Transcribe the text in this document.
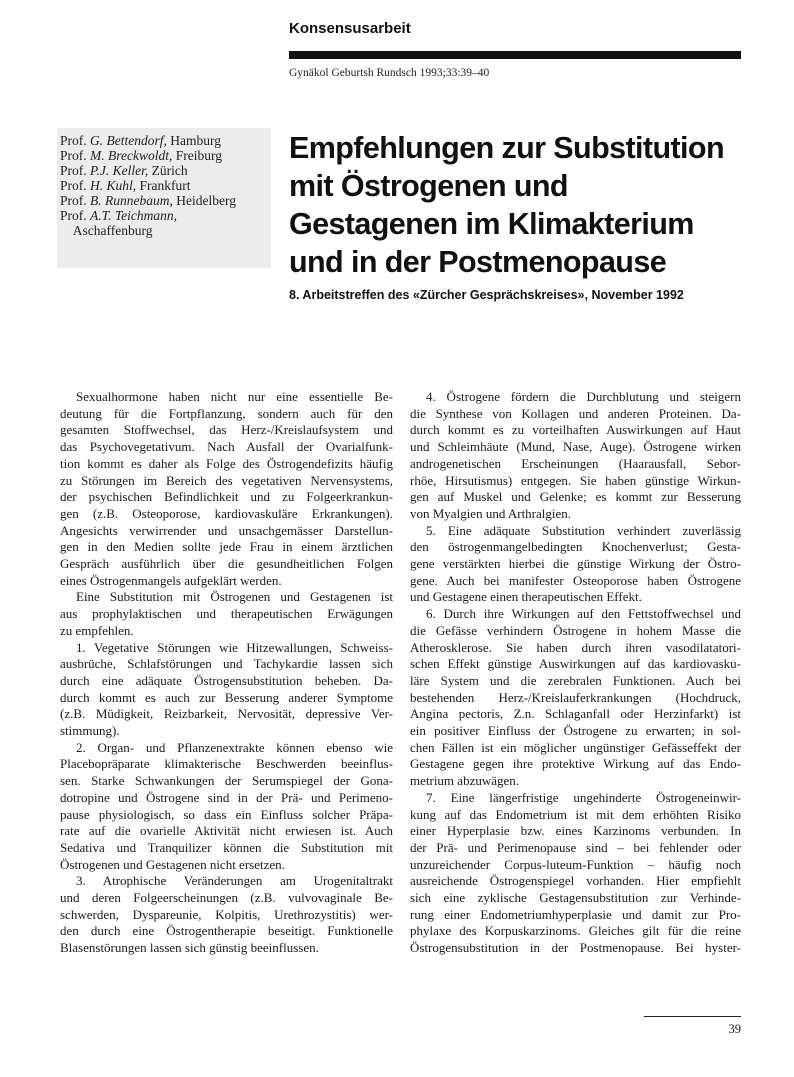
Konsensusarbeit
Gynäkol Geburtsh Rundsch 1993;33:39–40
Prof. G. Bettendorf, Hamburg
Prof. M. Breckwoldt, Freiburg
Prof. P.J. Keller, Zürich
Prof. H. Kuhl, Frankfurt
Prof. B. Runnebaum, Heidelberg
Prof. A.T. Teichmann,
Aschaffenburg
Empfehlungen zur Substitution
mit Östrogenen und
Gestagenen im Klimakterium
und in der Postmenopause
8. Arbeitstreffen des «Zürcher Gesprächskreises», November 1992
Sexualhormone haben nicht nur eine essentielle Be-
deutung für die Fortpflanzung, sondern auch für den
gesamten Stoffwechsel, das Herz-/Kreislaufsystem und
das Psychovegetativum. Nach Ausfall der Ovarialfunk-
tion kommt es daher als Folge des Östrogendefizits häufig
zu Störungen im Bereich des vegetativen Nervensystems,
der psychischen Befindlichkeit und zu Folgeerkrankun-
gen (z.B. Osteoporose, kardiovaskuläre Erkrankungen).
Angesichts verwirrender und unsachgemässer Darstellun-
gen in den Medien sollte jede Frau in einem ärztlichen
Gespräch ausführlich über die gesundheitlichen Folgen
eines Östrogenmangels aufgeklärt werden.
Eine Substitution mit Östrogenen und Gestagenen ist
aus prophylaktischen und therapeutischen Erwägungen
zu empfehlen.
1. Vegetative Störungen wie Hitzewallungen, Schweiss-
ausbrüche, Schlafstörungen und Tachykardie lassen sich
durch eine adäquate Östrogensubstitution beheben. Da-
durch kommt es auch zur Besserung anderer Symptome
(z.B. Müdigkeit, Reizbarkeit, Nervosität, depressive Ver-
stimmung).
2. Organ- und Pflanzenextrakte können ebenso wie
Placebopräparate klimakterische Beschwerden beeinflus-
sen. Starke Schwankungen der Serumspiegel der Gona-
dotropine und Östrogene sind in der Prä- und Perimeno-
pause physiologisch, so dass ein Einfluss solcher Präpa-
rate auf die ovarielle Aktivität nicht erwiesen ist. Auch
Sedativa und Tranquilizer können die Substitution mit
Östrogenen und Gestagenen nicht ersetzen.
3. Atrophische Veränderungen am Urogenitaltrakt
und deren Folgeerscheinungen (z.B. vulvovaginale Be-
schwerden, Dyspareunie, Kolpitis, Urethrozystitis) wer-
den durch eine Östrogentherapie beseitigt. Funktionelle
Blasenstörungen lassen sich günstig beeinflussen.
4. Östrogene fördern die Durchblutung und steigern
die Synthese von Kollagen und anderen Proteinen. Da-
durch kommt es zu vorteilhaften Auswirkungen auf Haut
und Schleimhäute (Mund, Nase, Auge). Östrogene wirken
androgenetischen Erscheinungen (Haarausfall, Sebor-
rhöe, Hirsutismus) entgegen. Sie haben günstige Wirkun-
gen auf Muskel und Gelenke; es kommt zur Besserung
von Myalgien und Arthralgien.
5. Eine adäquate Substitution verhindert zuverlässig
den östrogenmangelbedingten Knochenverlust; Gesta-
gene verstärkten hierbei die günstige Wirkung der Östro-
gene. Auch bei manifester Osteoporose haben Östrogene
und Gestagene einen therapeutischen Effekt.
6. Durch ihre Wirkungen auf den Fettstoffwechsel und
die Gefässe verhindern Östrogene in hohem Masse die
Atherosklerose. Sie haben durch ihren vasodilatatori-
schen Effekt günstige Auswirkungen auf das kardiovasku-
läre System und die zerebralen Funktionen. Auch bei
bestehenden Herz-/Kreislauferkrankungen (Hochdruck,
Angina pectoris, Z.n. Schlaganfall oder Herzinfarkt) ist
ein positiver Einfluss der Östrogene zu erwarten; in sol-
chen Fällen ist ein möglicher ungünstiger Gefässeffekt der
Gestagene gegen ihre protektive Wirkung auf das Endo-
metrium abzuwägen.
7. Eine längerfristige ungehinderte Östrogeneinwir-
kung auf das Endometrium ist mit dem erhöhten Risiko
einer Hyperplasie bzw. eines Karzinoms verbunden. In
der Prä- und Perimenopause sind – bei fehlender oder
unzureichender Corpus-luteum-Funktion – häufig noch
ausreichende Östrogenspiegel vorhanden. Hier empfiehlt
sich eine zyklische Gestagensubstitution zur Verhinde-
rung einer Endometriumhyperplasie und damit zur Pro-
phylaxe des Korpuskarzinoms. Gleiches gilt für die reine
Östrogensubstitution in der Postmenopause. Bei hyster-
39
